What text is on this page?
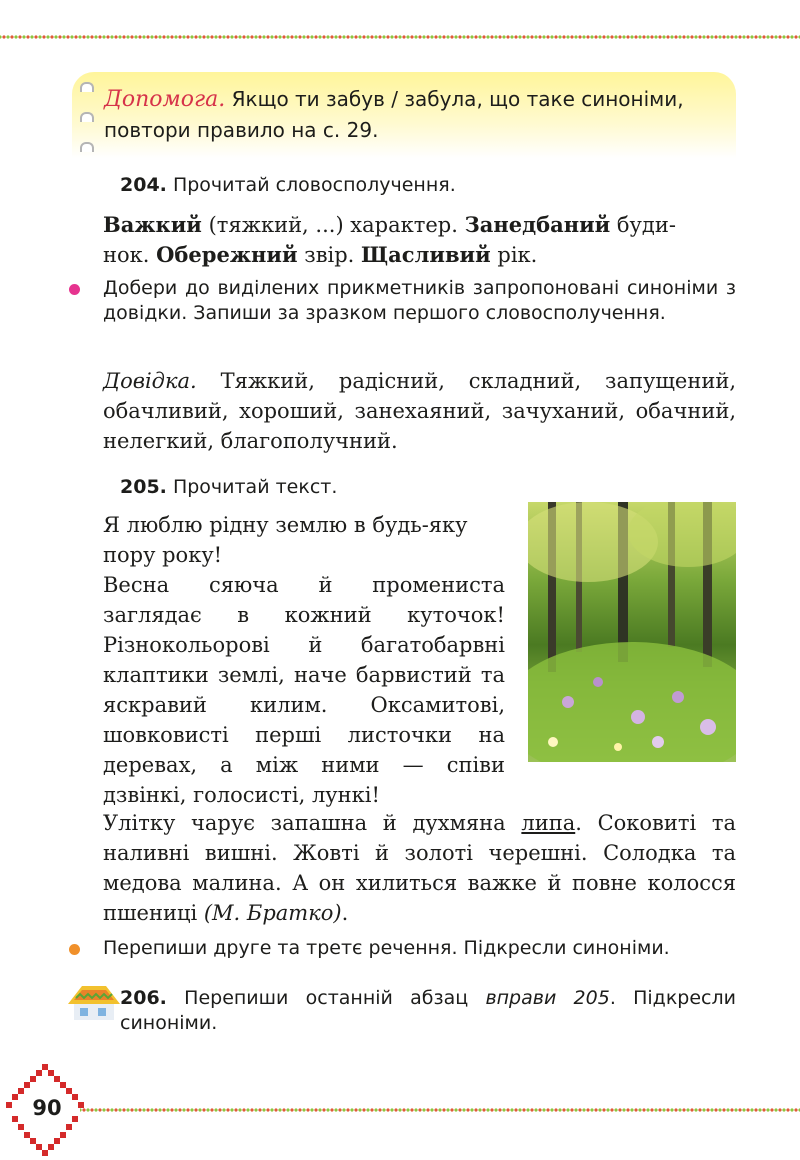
Допомога. Якщо ти забув / забула, що таке синоніми, повтори правило на с. 29.
204. Прочитай словосполучення.
Важкий (тяжкий, ...) характер. Занедбаний буди-
нок. Обережний звір. Щасливий рік.
Добери до виділених прикметників запропоновані синоніми з довідки. Запиши за зразком першого словосполучення.
Довідка. Тяжкий, радісний, складний, запущений, обачливий, хороший, занехаяний, зачуханий, обачний, нелегкий, благополучний.
205. Прочитай текст.
Я люблю рідну землю в будь-яку пору року!
Весна сяюча й промениста заглядає в кожний куточок! Різнокольорові й багатобарвні клаптики землі, наче барвистий та яскравий килим. Оксамитові, шовковисті перші листочки на деревах, а між ними — співи дзвінкі, голосисті, лункі!
Улітку чарує запашна й духмяна липа. Соковиті та наливні вишні. Жовті й золоті черешні. Солодка та медова малина. А он хилиться важке й повне колосся пшениці (М. Братко).
Перепиши друге та третє речення. Підкресли синоніми.
206. Перепиши останній абзац вправи 205. Підкресли синоніми.
90
